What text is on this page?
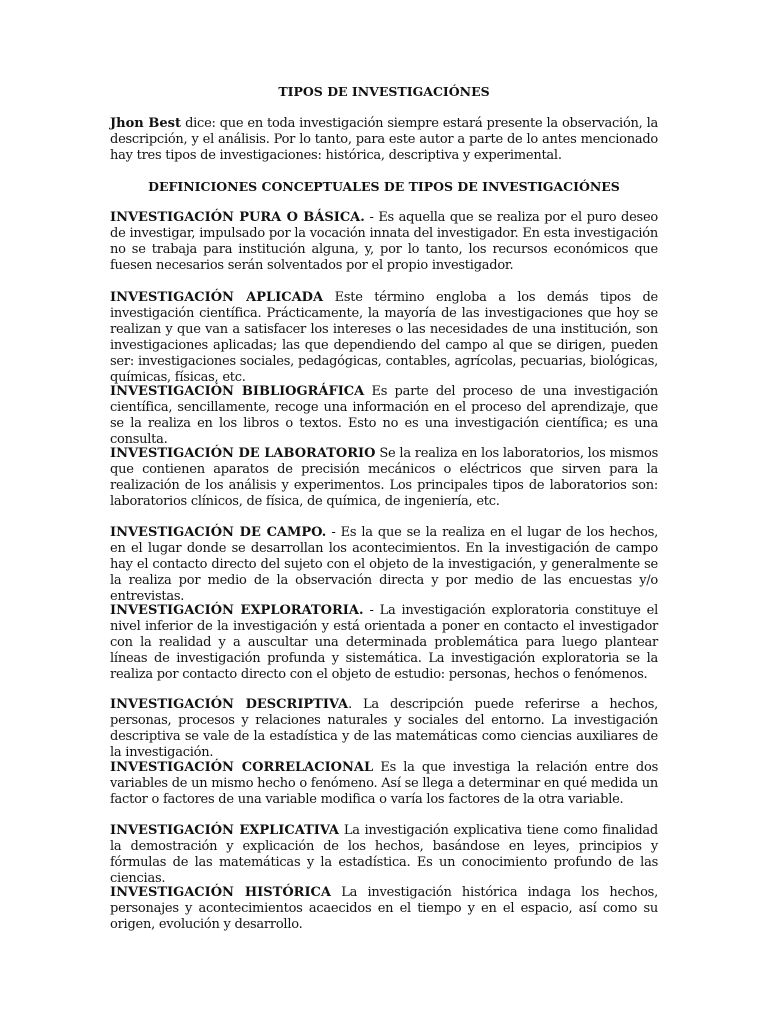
TIPOS DE INVESTIGACIÓNES

Jhon Best dice: que en toda investigación siempre estará presente la observación, la descripción, y el análisis. Por lo tanto, para este autor a parte de lo antes mencionado hay tres tipos de investigaciones: histórica, descriptiva y experimental.

DEFINICIONES CONCEPTUALES DE TIPOS DE INVESTIGACIÓNES

INVESTIGACIÓN PURA O BÁSICA. - Es aquella que se realiza por el puro deseo de investigar, impulsado por la vocación innata del investigador. En esta investigación no se trabaja para institución alguna, y, por lo tanto, los recursos económicos que fuesen necesarios serán solventados por el propio investigador.

INVESTIGACIÓN APLICADA Este término engloba a los demás tipos de investigación científica. Prácticamente, la mayoría de las investigaciones que hoy se realizan y que van a satisfacer los intereses o las necesidades de una institución, son investigaciones aplicadas; las que dependiendo del campo al que se dirigen, pueden ser: investigaciones sociales, pedagógicas, contables, agrícolas, pecuarias, biológicas, químicas, físicas, etc.

INVESTIGACIÓN BIBLIOGRÁFICA Es parte del proceso de una investigación científica, sencillamente, recoge una información en el proceso del aprendizaje, que se la realiza en los libros o textos. Esto no es una investigación científica; es una consulta.

INVESTIGACIÓN DE LABORATORIO Se la realiza en los laboratorios, los mismos que contienen aparatos de precisión mecánicos o eléctricos que sirven para la realización de los análisis y experimentos. Los principales tipos de laboratorios son: laboratorios clínicos, de física, de química, de ingeniería, etc.

INVESTIGACIÓN DE CAMPO. - Es la que se la realiza en el lugar de los hechos, en el lugar donde se desarrollan los acontecimientos. En la investigación de campo hay el contacto directo del sujeto con el objeto de la investigación, y generalmente se la realiza por medio de la observación directa y por medio de las encuestas y/o entrevistas.

INVESTIGACIÓN EXPLORATORIA. - La investigación exploratoria constituye el nivel inferior de la investigación y está orientada a poner en contacto el investigador con la realidad y a auscultar una determinada problemática para luego plantear líneas de investigación profunda y sistemática. La investigación exploratoria se la realiza por contacto directo con el objeto de estudio: personas, hechos o fenómenos.

INVESTIGACIÓN DESCRIPTIVA. La descripción puede referirse a hechos, personas, procesos y relaciones naturales y sociales del entorno. La investigación descriptiva se vale de la estadística y de las matemáticas como ciencias auxiliares de la investigación.

INVESTIGACIÓN CORRELACIONAL Es la que investiga la relación entre dos variables de un mismo hecho o fenómeno. Así se llega a determinar en qué medida un factor o factores de una variable modifica o varía los factores de la otra variable.

INVESTIGACIÓN EXPLICATIVA La investigación explicativa tiene como finalidad la demostración y explicación de los hechos, basándose en leyes, principios y fórmulas de las matemáticas y la estadística. Es un conocimiento profundo de las ciencias.

INVESTIGACIÓN HISTÓRICA La investigación histórica indaga los hechos, personajes y acontecimientos acaecidos en el tiempo y en el espacio, así como su origen, evolución y desarrollo.
